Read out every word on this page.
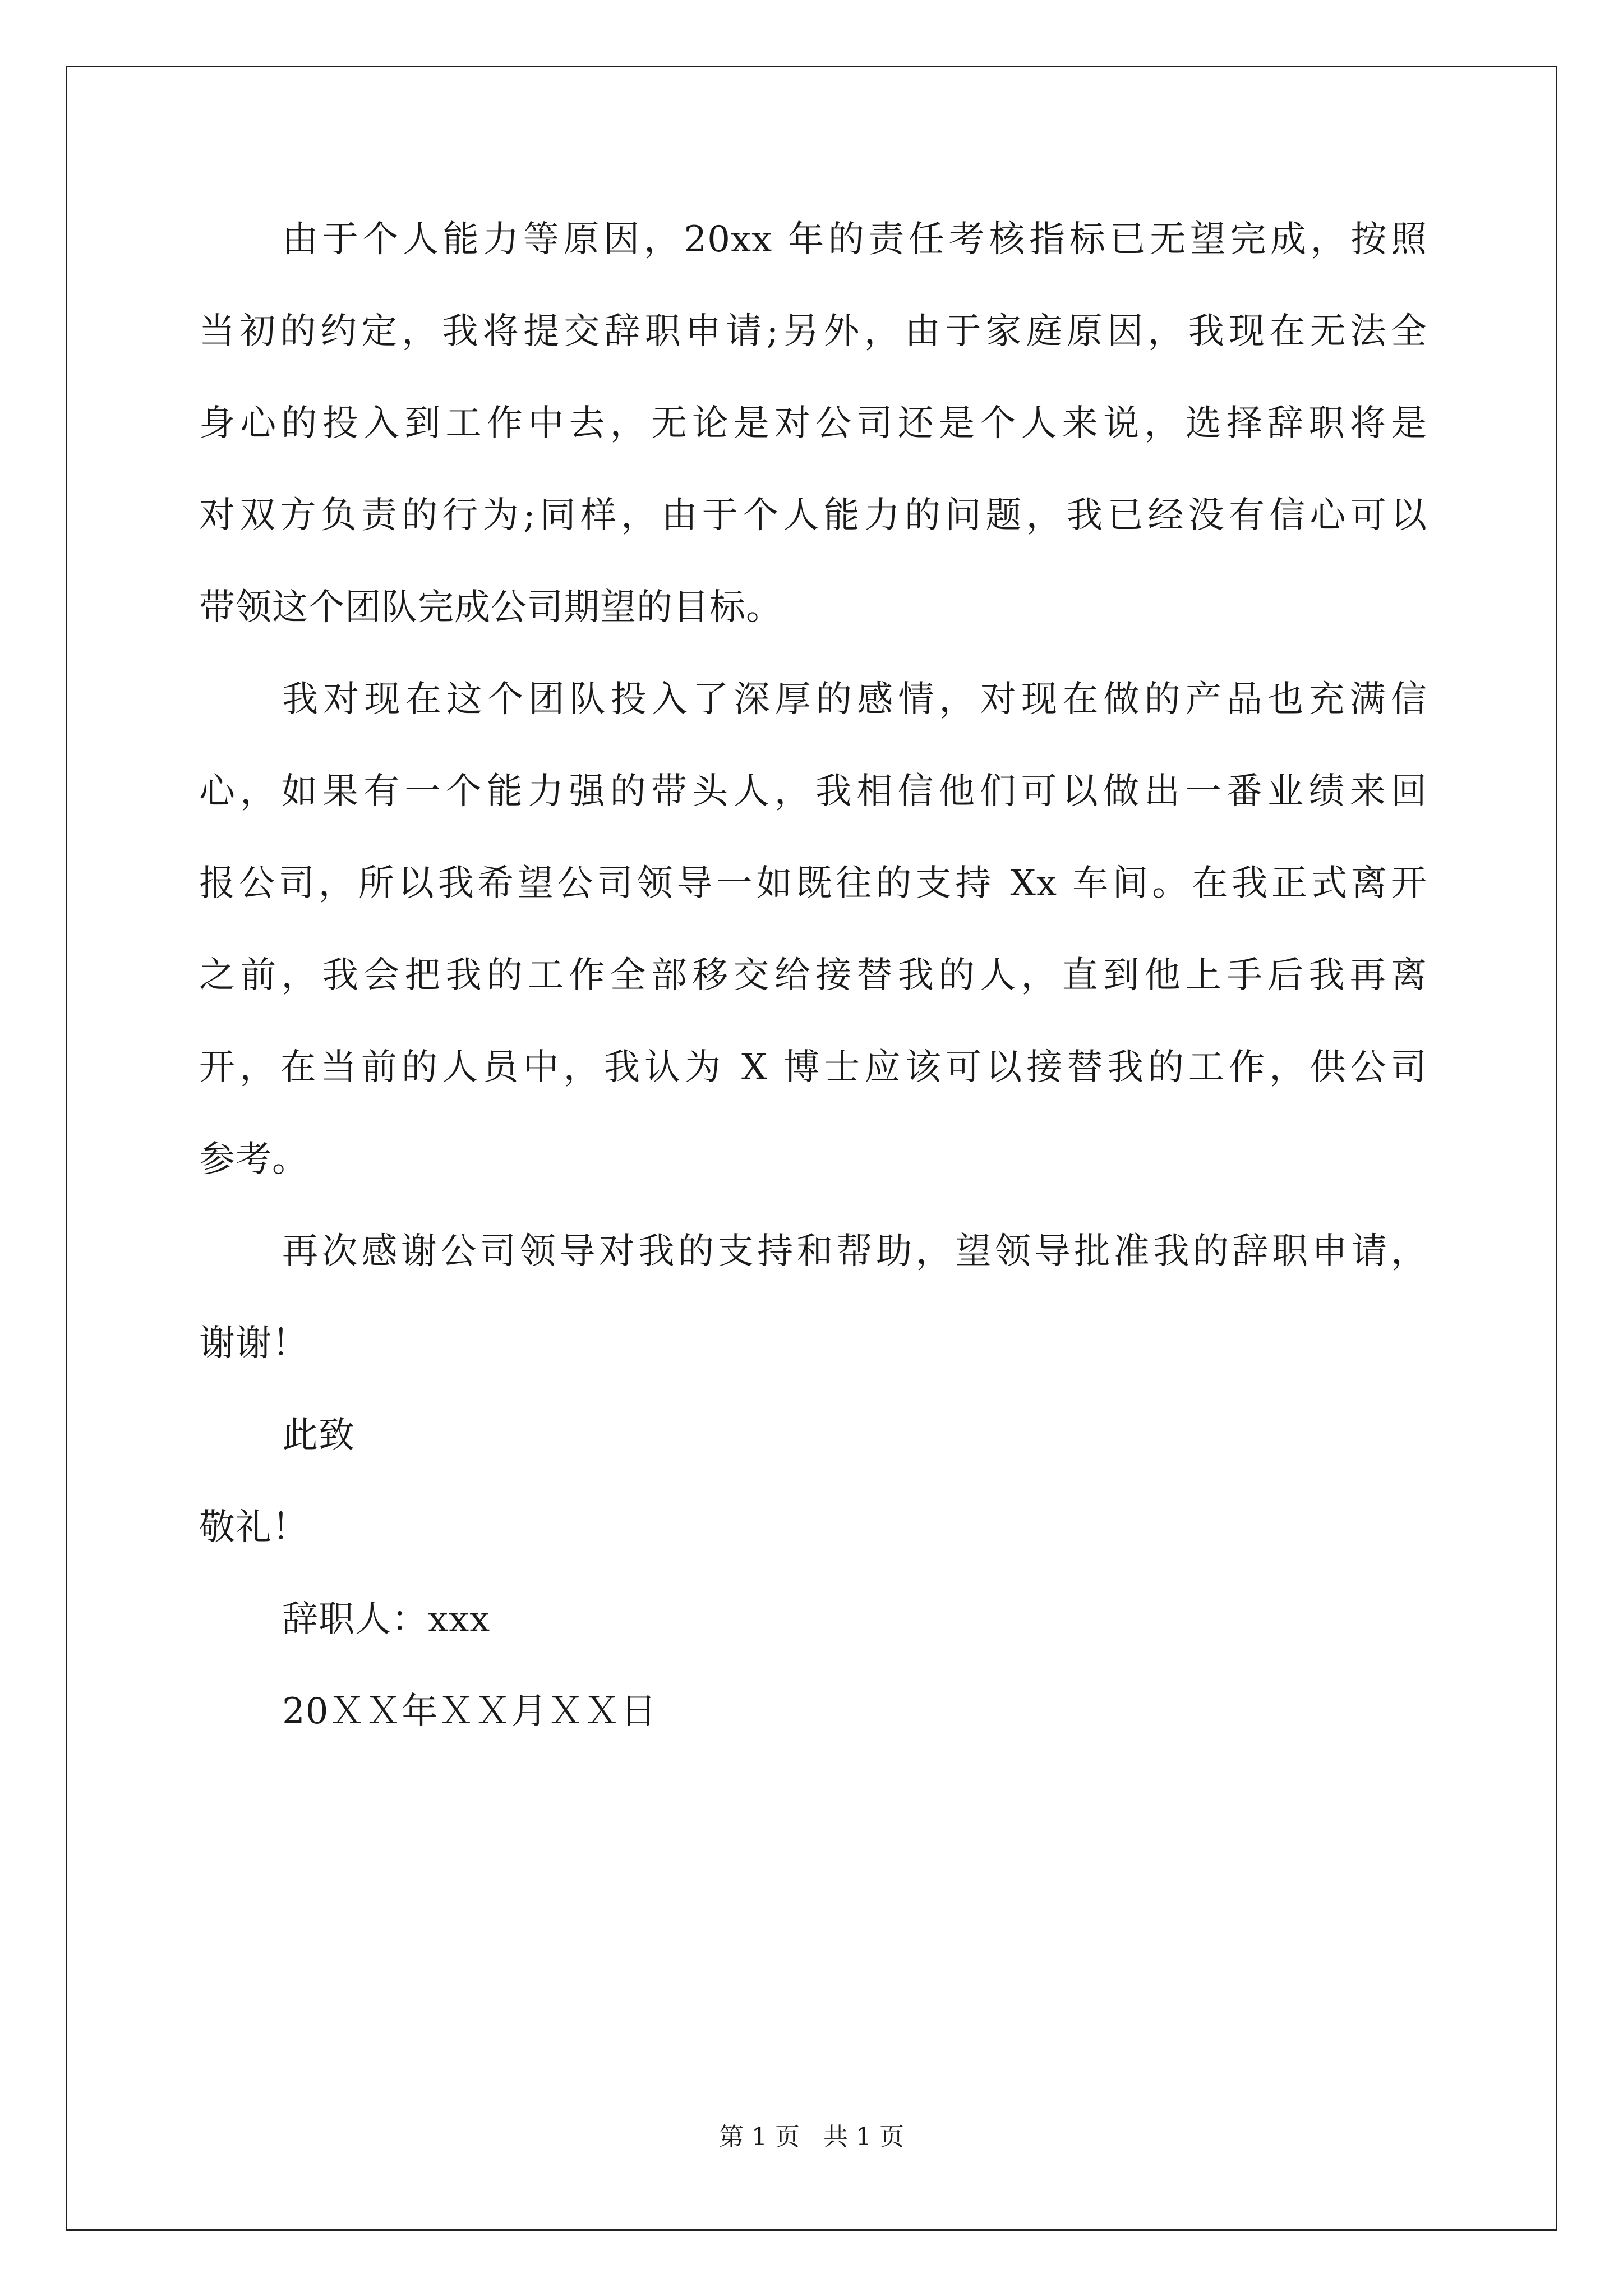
由于个人能力等原因，20xx 年的责任考核指标已无望完成，按照
当初的约定，我将提交辞职申请;另外，由于家庭原因，我现在无法全
身心的投入到工作中去，无论是对公司还是个人来说，选择辞职将是
对双方负责的行为;同样，由于个人能力的问题，我已经没有信心可以
带领这个团队完成公司期望的目标。
我对现在这个团队投入了深厚的感情，对现在做的产品也充满信
心，如果有一个能力强的带头人，我相信他们可以做出一番业绩来回
报公司，所以我希望公司领导一如既往的支持 Xx 车间。在我正式离开
之前，我会把我的工作全部移交给接替我的人，直到他上手后我再离
开，在当前的人员中，我认为 X 博士应该可以接替我的工作，供公司
参考。
再次感谢公司领导对我的支持和帮助，望领导批准我的辞职申请，
谢谢！
此致
敬礼！
辞职人：xxx
20ＸＸ年ＸＸ月ＸＸ日
第 1 页   共 1 页
